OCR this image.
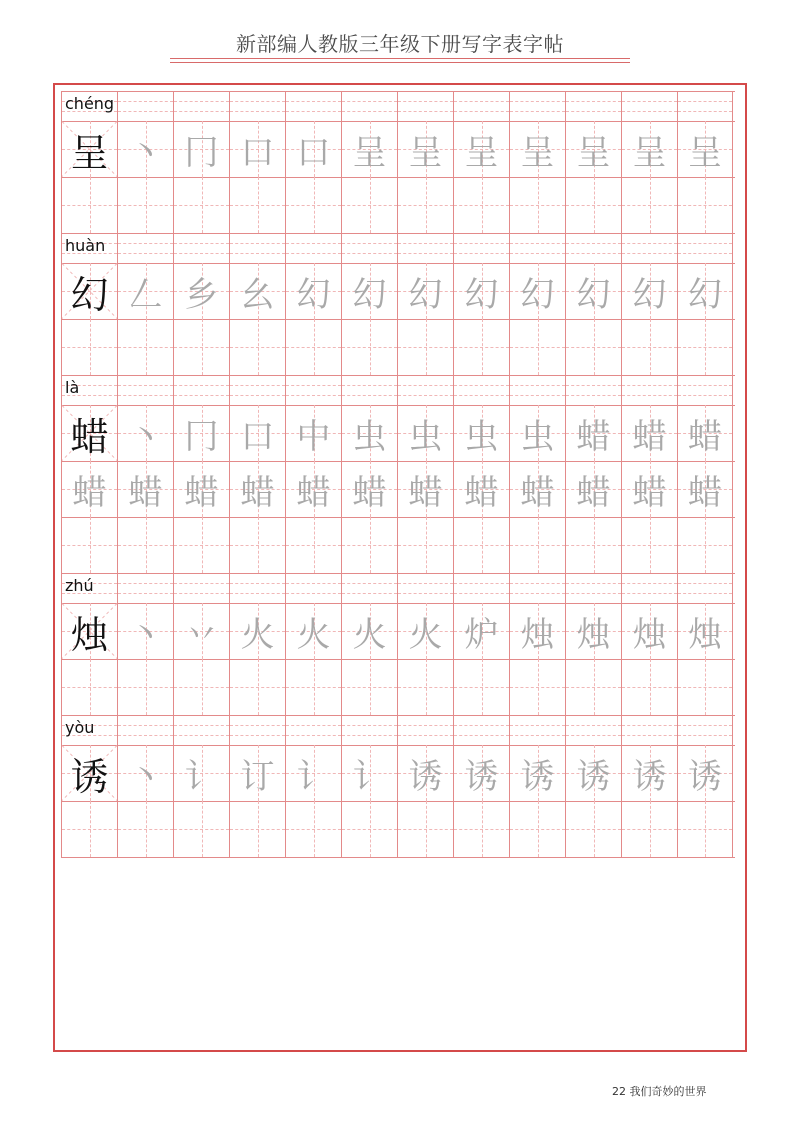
新部编人教版三年级下册写字表字帖
chéng
呈 丶 冂 口 口 呈 呈 呈 呈 呈 呈 呈
huàn
幻 𠃋 乡 幺 幻 幻 幻 幻 幻 幻 幻 幻
là
蜡 丶 冂 口 中 虫 虫 虫 虫 蜡 蜡 蜡
蜡 蜡 蜡 蜡 蜡 蜡 蜡 蜡 蜡 蜡 蜡 蜡
zhú
烛 丶 丷 火 火 火 火 炉 烛 烛 烛 烛
yòu
诱 丶 讠 订 讠 讠 诱 诱 诱 诱 诱 诱
22 我们奇妙的世界
